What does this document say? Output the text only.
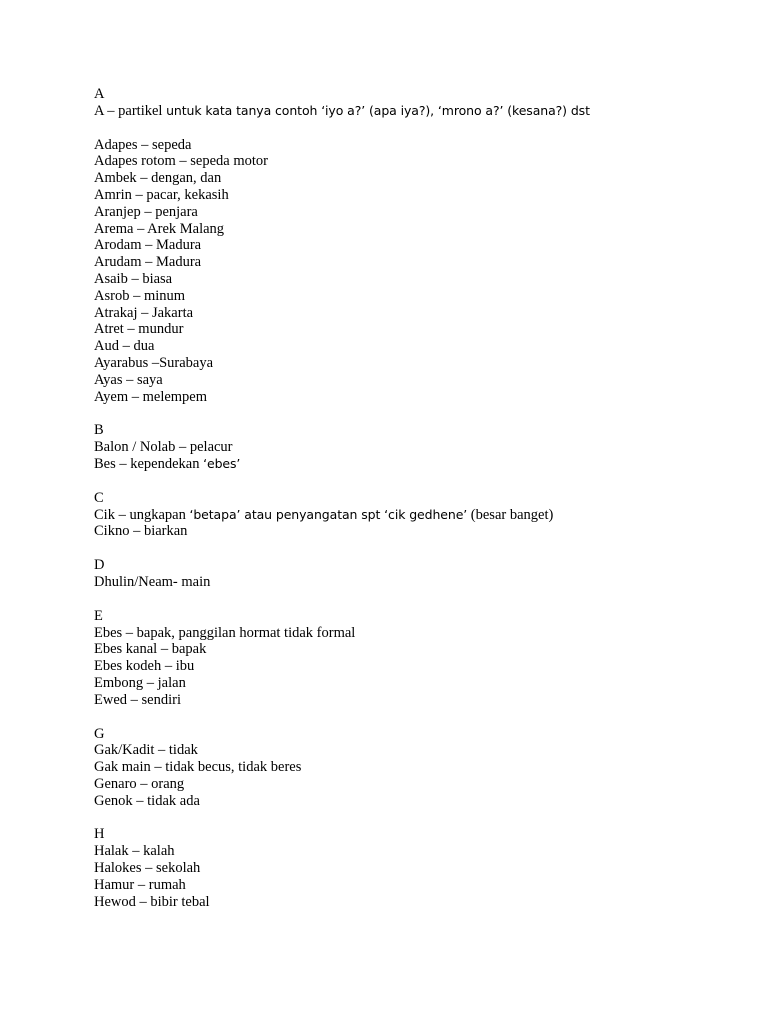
A
A – partikel untuk kata tanya contoh ‘iyo a?’ (apa iya?), ‘mrono a?’ (kesana?) dst
Adapes – sepeda
Adapes rotom – sepeda motor
Ambek – dengan, dan
Amrin – pacar, kekasih
Aranjep – penjara
Arema – Arek Malang
Arodam – Madura
Arudam – Madura
Asaib – biasa
Asrob – minum
Atrakaj – Jakarta
Atret – mundur
Aud – dua
Ayarabus –Surabaya
Ayas – saya
Ayem – melempem
B
Balon / Nolab – pelacur
Bes – kependekan ‘ebes’
C
Cik – ungkapan ‘betapa’ atau penyangatan spt ‘cik gedhene’ (besar banget)
Cikno – biarkan
D
Dhulin/Neam- main
E
Ebes – bapak, panggilan hormat tidak formal
Ebes kanal – bapak
Ebes kodeh – ibu
Embong – jalan
Ewed – sendiri
G
Gak/Kadit – tidak
Gak main – tidak becus, tidak beres
Genaro – orang
Genok – tidak ada
H
Halak – kalah
Halokes – sekolah
Hamur – rumah
Hewod – bibir tebal
